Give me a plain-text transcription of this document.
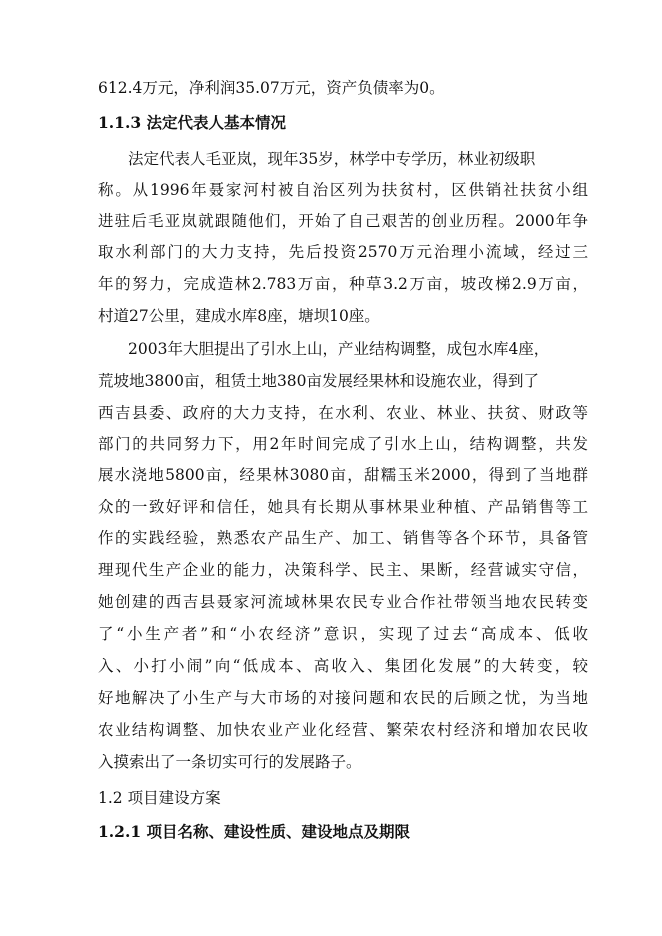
612.4万元，净利润35.07万元，资产负债率为0。
1.1.3 法定代表人基本情况
法定代表人毛亚岚，现年35岁，林学中专学历，林业初级职
称。从1996年聂家河村被自治区列为扶贫村，区供销社扶贫小组
进驻后毛亚岚就跟随他们，开始了自己艰苦的创业历程。2000年争
取水利部门的大力支持，先后投资2570万元治理小流域，经过三
年的努力，完成造林2.783万亩，种草3.2万亩，坡改梯2.9万亩，
村道27公里，建成水库8座，塘坝10座。
2003年大胆提出了引水上山，产业结构调整，成包水库4座，
荒坡地3800亩，租赁土地380亩发展经果林和设施农业，得到了
西吉县委、政府的大力支持，在水利、农业、林业、扶贫、财政等
部门的共同努力下，用2年时间完成了引水上山，结构调整，共发
展水浇地5800亩，经果林3080亩，甜糯玉米2000，得到了当地群
众的一致好评和信任，她具有长期从事林果业种植、产品销售等工
作的实践经验，熟悉农产品生产、加工、销售等各个环节，具备管
理现代生产企业的能力，决策科学、民主、果断，经营诚实守信，
她创建的西吉县聂家河流域林果农民专业合作社带领当地农民转变
了“小生产者”和“小农经济”意识，实现了过去“高成本、低收
入、小打小闹”向“低成本、高收入、集团化发展”的大转变，较
好地解决了小生产与大市场的对接问题和农民的后顾之忧，为当地
农业结构调整、加快农业产业化经营、繁荣农村经济和增加农民收
入摸索出了一条切实可行的发展路子。
1.2 项目建设方案
1.2.1 项目名称、建设性质、建设地点及期限
